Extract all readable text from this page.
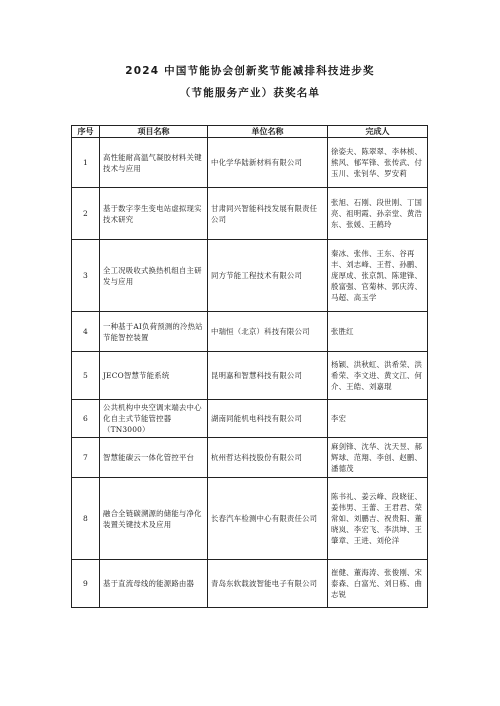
2024 中国节能协会创新奖节能减排科技进步奖
（节能服务产业）获奖名单
序号	项目名称	单位名称	完成人
1	高性能耐高温气凝胶材料关键技术与应用	中化学华陆新材料有限公司	徐姿夫、陈翠翠、李林桢、熊风、郁军锋、张传武、付玉川、张钊华、罗安莉
2	基于数字孪生变电站虚拟现实技术研究	甘肃同兴智能科技发展有限责任公司	张旭、石刚、段世刚、丁国亮、祖明霞、孙亲堂、黄浩东、张媛、王鹤玲
3	全工况吸收式换热机组自主研发与应用	同方节能工程技术有限公司	秦冰、张伟、王东、谷再丰、刘志峰、王哲、孙鹏、庞厚成、张京凯、陈建锋、殷富强、官菊林、郭庆涛、马超、高玉学
4	一种基于AI负荷预测的冷热站节能智控装置	中瑞恒（北京）科技有限公司	张胜红
5	JECO智慧节能系统	昆明嘉和智慧科技有限公司	杨颖、洪秋虹、洪希荣、洪希荣、李文进、黄文江、何介、王皓、刘嘉琨
6	公共机构中央空调末端去中心化自主式节能管控器（TN3000）	湖南同能机电科技有限公司	李宏
7	智慧能碳云一体化管控平台	杭州哲达科技股份有限公司	麻剑锋、沈华、沈天昱、郝辉球、范翔、李创、赵鹏、潘德茂
8	融合全链碳溯源的储能与净化装置关键技术及应用	长春汽车检测中心有限责任公司	陈书礼、姜云峰、段晓征、姜伟男、王蕾、王君君、荣常如、刘鹏吉、祝贵阳、董晓岚、李宏飞、李洪坤、王肇章、王进、刘伦洋
9	基于直流母线的能源路由器	青岛东软载波智能电子有限公司	崔健、董海涛、张俊刚、宋泰森、白富光、刘日栋、曲志锐
